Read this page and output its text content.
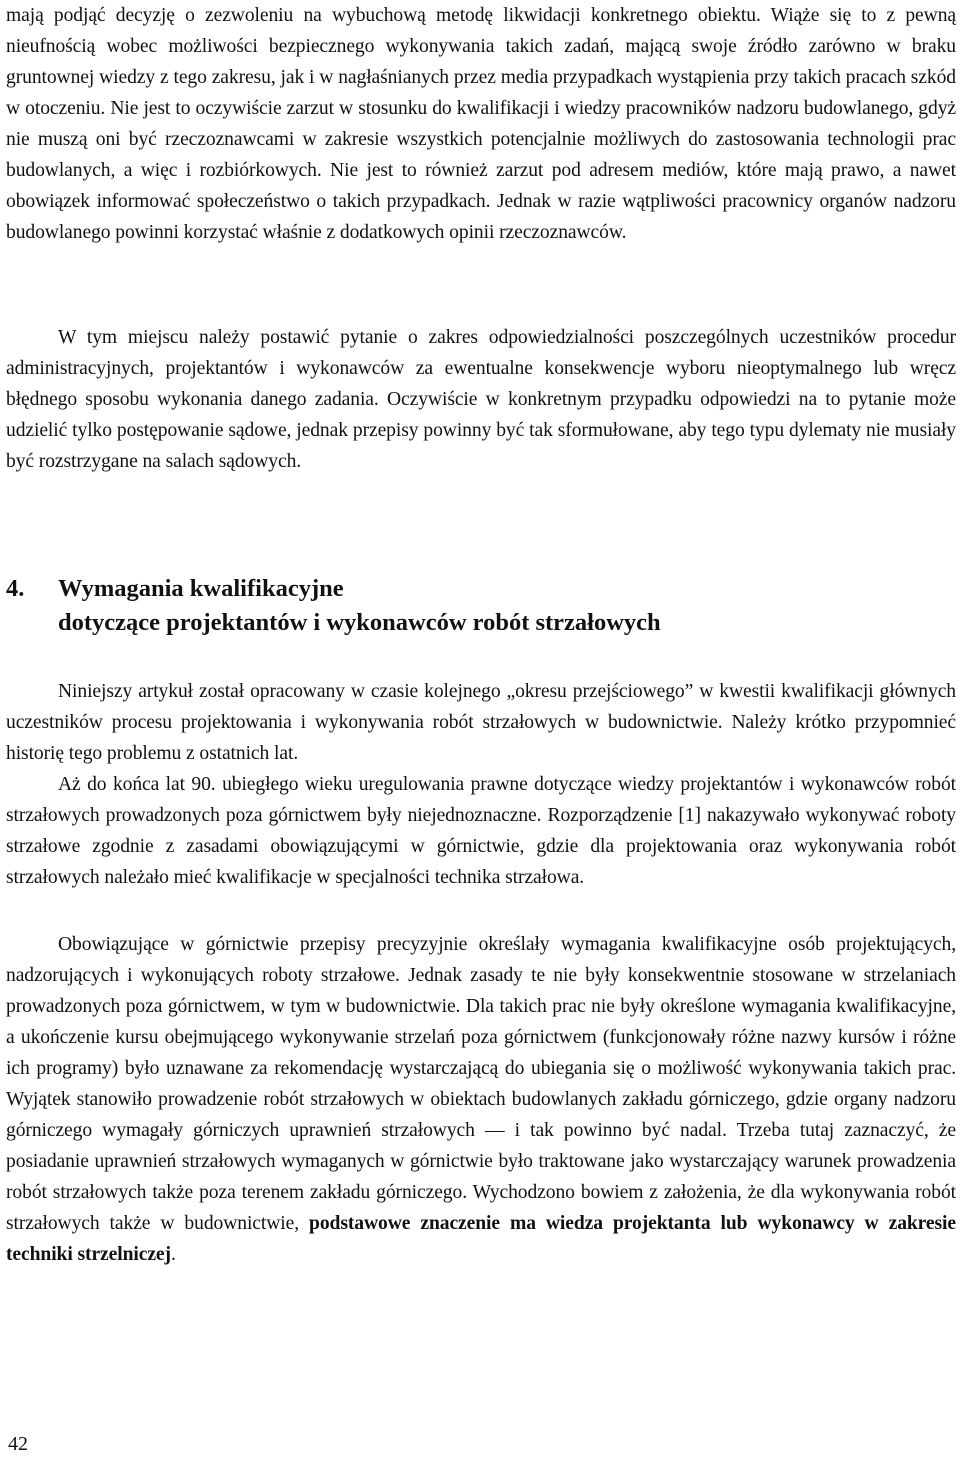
mają podjąć decyzję o zezwoleniu na wybuchową metodę likwidacji konkretnego obiektu. Wiąże się to z pewną nieufnością wobec możliwości bezpiecznego wykonywania takich zadań, mającą swoje źródło zarówno w braku gruntownej wiedzy z tego zakresu, jak i w nagłaśnianych przez media przypadkach wystąpienia przy takich pracach szkód w otoczeniu. Nie jest to oczywiście zarzut w stosunku do kwalifikacji i wiedzy pracowników nadzoru budowlanego, gdyż nie muszą oni być rzeczoznawcami w zakresie wszystkich potencjalnie możliwych do zastosowania technologii prac budowlanych, a więc i rozbiórkowych. Nie jest to również zarzut pod adresem mediów, które mają prawo, a nawet obowiązek informować społeczeństwo o takich przypadkach. Jednak w razie wątpliwości pracownicy organów nadzoru budowlanego powinni korzystać właśnie z dodatkowych opinii rzeczoznawców.

W tym miejscu należy postawić pytanie o zakres odpowiedzialności poszczególnych uczestników procedur administracyjnych, projektantów i wykonawców za ewentualne konsekwencje wyboru nieoptymalnego lub wręcz błędnego sposobu wykonania danego zadania. Oczywiście w konkretnym przypadku odpowiedzi na to pytanie może udzielić tylko postępowanie sądowe, jednak przepisy powinny być tak sformułowane, aby tego typu dylematy nie musiały być rozstrzygane na salach sądowych.

4. Wymagania kwalifikacyjne
dotyczące projektantów i wykonawców robót strzałowych

Niniejszy artykuł został opracowany w czasie kolejnego „okresu przejściowego” w kwestii kwalifikacji głównych uczestników procesu projektowania i wykonywania robót strzałowych w budownictwie. Należy krótko przypomnieć historię tego problemu z ostatnich lat.

Aż do końca lat 90. ubiegłego wieku uregulowania prawne dotyczące wiedzy projektantów i wykonawców robót strzałowych prowadzonych poza górnictwem były niejednoznaczne. Rozporządzenie [1] nakazywało wykonywać roboty strzałowe zgodnie z zasadami obowiązującymi w górnictwie, gdzie dla projektowania oraz wykonywania robót strzałowych należało mieć kwalifikacje w specjalności technika strzałowa.

Obowiązujące w górnictwie przepisy precyzyjnie określały wymagania kwalifikacyjne osób projektujących, nadzorujących i wykonujących roboty strzałowe. Jednak zasady te nie były konsekwentnie stosowane w strzelaniach prowadzonych poza górnictwem, w tym w budownictwie. Dla takich prac nie były określone wymagania kwalifikacyjne, a ukończenie kursu obejmującego wykonywanie strzelań poza górnictwem (funkcjonowały różne nazwy kursów i różne ich programy) było uznawane za rekomendację wystarczającą do ubiegania się o możliwość wykonywania takich prac. Wyjątek stanowiło prowadzenie robót strzałowych w obiektach budowlanych zakładu górniczego, gdzie organy nadzoru górniczego wymagały górniczych uprawnień strzałowych — i tak powinno być nadal. Trzeba tutaj zaznaczyć, że posiadanie uprawnień strzałowych wymaganych w górnictwie było traktowane jako wystarczający warunek prowadzenia robót strzałowych także poza terenem zakładu górniczego. Wychodzono bowiem z założenia, że dla wykonywania robót strzałowych także w budownictwie, podstawowe znaczenie ma wiedza projektanta lub wykonawcy w zakresie techniki strzelniczej.

42
